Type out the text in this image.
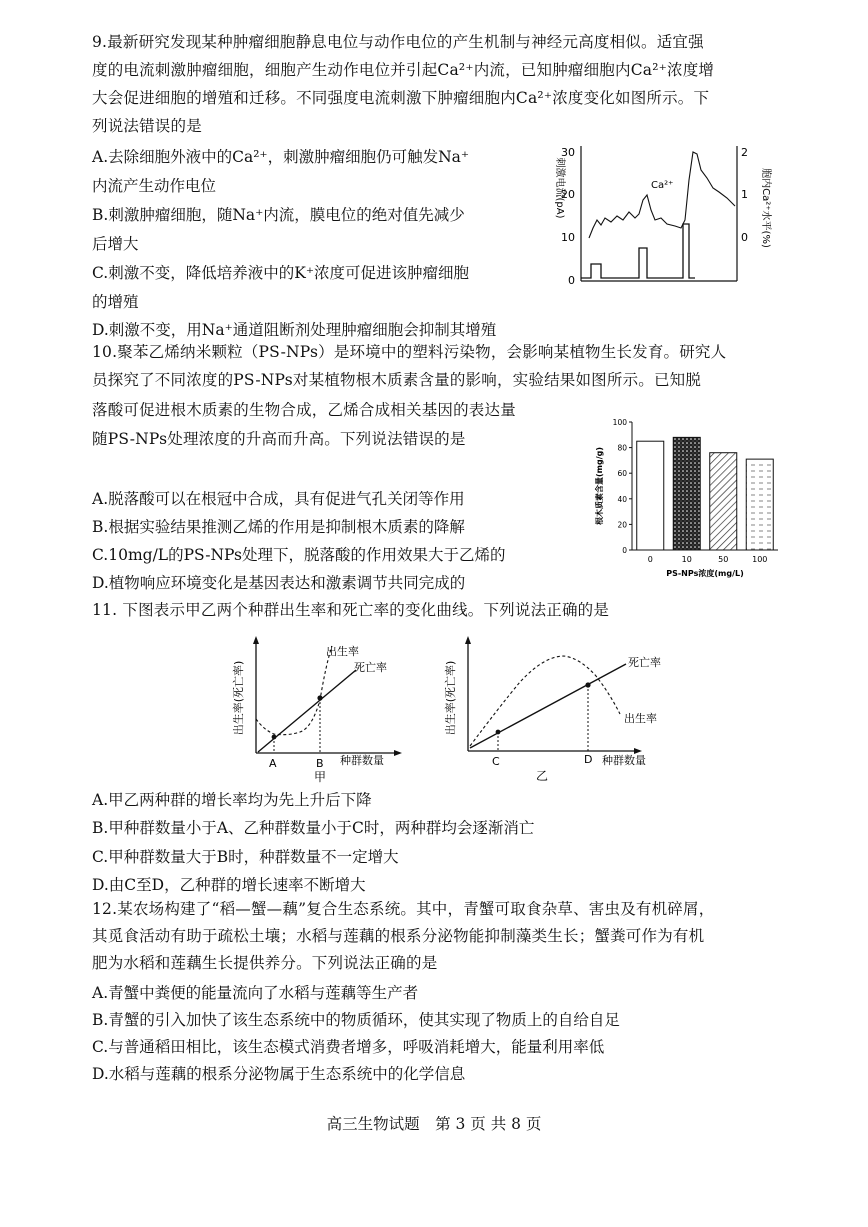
9.最新研究发现某种肿瘤细胞静息电位与动作电位的产生机制与神经元高度相似。适宜强
度的电流刺激肿瘤细胞，细胞产生动作电位并引起Ca²⁺内流，已知肿瘤细胞内Ca²⁺浓度增
大会促进细胞的增殖和迁移。不同强度电流刺激下肿瘤细胞内Ca²⁺浓度变化如图所示。下
列说法错误的是
A.去除细胞外液中的Ca²⁺，刺激肿瘤细胞仍可触发Na⁺
内流产生动作电位
B.刺激肿瘤细胞，随Na⁺内流，膜电位的绝对值先减少
后增大
C.刺激不变，降低培养液中的K⁺浓度可促进该肿瘤细胞
的增殖
D.刺激不变，用Na⁺通道阻断剂处理肿瘤细胞会抑制其增殖
刺激电流(pA)
0
10
20
30
0
1
2
胞内Ca²⁺水平(%)
Ca²⁺
10.聚苯乙烯纳米颗粒（PS-NPs）是环境中的塑料污染物，会影响某植物生长发育。研究人
员探究了不同浓度的PS-NPs对某植物根木质素含量的影响，实验结果如图所示。已知脱
落酸可促进根木质素的生物合成，乙烯合成相关基因的表达量
随PS-NPs处理浓度的升高而升高。下列说法错误的是
A.脱落酸可以在根冠中合成，具有促进气孔关闭等作用
B.根据实验结果推测乙烯的作用是抑制根木质素的降解
C.10mg/L的PS-NPs处理下，脱落酸的作用效果大于乙烯的
D.植物响应环境变化是基因表达和激素调节共同完成的
根木质素含量(mg/g)
0
20
40
60
80
100
0	10	50	100
PS-NPs浓度(mg/L)
11. 下图表示甲乙两个种群出生率和死亡率的变化曲线。下列说法正确的是
出生率(死亡率)
出生率
死亡率
A	B 种群数量
甲
出生率(死亡率)	死亡率
出生率
C	D 种群数量
乙
A.甲乙两种群的增长率均为先上升后下降
B.甲种群数量小于A、乙种群数量小于C时，两种群均会逐渐消亡
C.甲种群数量大于B时，种群数量不一定增大
D.由C至D，乙种群的增长速率不断增大
12.某农场构建了“稻—蟹—藕”复合生态系统。其中，青蟹可取食杂草、害虫及有机碎屑，
其觅食活动有助于疏松土壤；水稻与莲藕的根系分泌物能抑制藻类生长；蟹粪可作为有机
肥为水稻和莲藕生长提供养分。下列说法正确的是
A.青蟹中粪便的能量流向了水稻与莲藕等生产者
B.青蟹的引入加快了该生态系统中的物质循环，使其实现了物质上的自给自足
C.与普通稻田相比，该生态模式消费者增多，呼吸消耗增大，能量利用率低
D.水稻与莲藕的根系分泌物属于生态系统中的化学信息
高三生物试题　第 3 页 共 8 页
